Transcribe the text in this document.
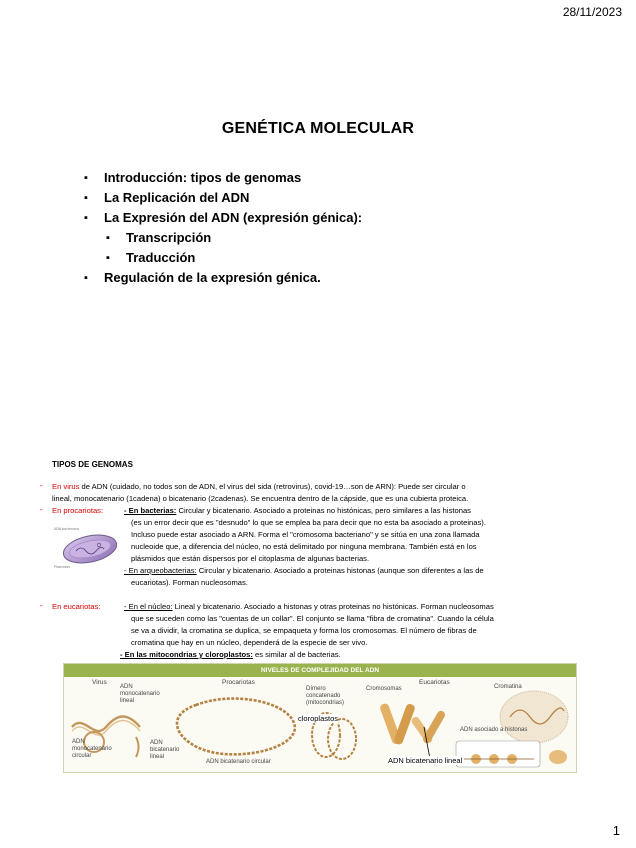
28/11/2023
GENÉTICA MOLECULAR
▪ Introducción: tipos de genomas
▪ La Replicación del ADN
▪ La Expresión del ADN (expresión génica):
▪ Transcripción
▪ Traducción
▪ Regulación de la expresión génica.
TIPOS DE GENOMAS
- En virus de ADN (cuidado, no todos son de ADN, el virus del sida (retrovirus), covid-19…son de ARN): Puede ser circular o
lineal, monocatenario (1cadena) o bicatenario (2cadenas). Se encuentra dentro de la cápside, que es una cubierta proteica.
- En procariotas:	- En bacterias: Circular y bicatenario. Asociado a proteinas no histónicas, pero similares a las histonas
(es un error decir que es "desnudo" lo que se emplea ba para decir que no esta ba asociado a proteinas).
Incluso puede estar asociado a ARN. Forma el "cromosoma bacteriano" y se sitúa en una zona llamada
nucleoide que, a diferencia del núcleo, no está delimitado por ninguna membrana. También está en los
plásmidos que están dispersos por el citoplasma de algunas bacterias.
- En arqueobacterias: Circular y bicatenario. Asociado a proteinas histonas (aunque son diferentes a las de
eucariotas). Forman nucleosomas.
ADN bacteriano
Plásmidos
- En eucariotas:	- En el núcleo: Lineal y bicatenario. Asociado a histonas y otras proteinas no histónicas. Forman nucleosomas
que se suceden como las "cuentas de un collar". El conjunto se llama "fibra de cromatina". Cuando la célula
se va a dividir, la cromatina se duplica, se empaqueta y forma los cromosomas. El número de fibras de
cromatina que hay en un núcleo, dependerá de la especie de ser vivo.
- En las mitocondrias y cloroplastos: es similar al de bacterias.
NIVELES DE COMPLEJIDAD DEL ADN
Virus	Procariotas	Eucariotas
ADN monocatenario lineal
ADN monocatenario circular
ADN bicatenario lineal
ADN bicatenario circular
Dímero concatenado (mitocondrias)
Cromosomas	Cromatina
ADN asociado a histonas
cloroplastos
ADN bicatenario lineal
1
